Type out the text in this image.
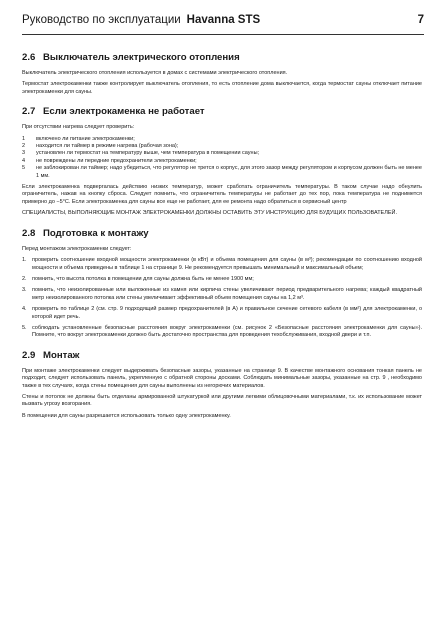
Руководство по эксплуатации Havanna STS	7
2.6 Выключатель электрического отопления

Выключатель электрического отопления используется в домах с системами электрического отопления.

Термостат электрокаменки также контролирует выключатель отопления, то есть отопление дома выключается, когда термостат сауны отключает питание электрокаменки для сауны.

2.7 Если электрокаменка не работает

При отсутствии нагрева следует проверить:

1	включено ли питание электрокаменки;
2	находится ли таймер в режиме нагрева (рабочая зона);
3	установлен ли термостат на температуру выше, чем температура в помещении сауны;
4	не повреждены ли передние предохранители электрокаменки;
5	не заблокирован ли таймер; надо убедиться, что регулятор не трется о корпус, для этого зазор между регулятором и корпусом должен быть не менее 1 мм.

Если электрокаменка подвергалась действию низких температур, может сработать ограничитель температуры. В таком случае надо обнулить ограничитель, нажав на кнопку сброса. Следует помнить, что ограничитель температуры не работает до тех пор, пока температура не поднимется примерно до −5°С. Если электрокаменка для сауны все еще не работает, для ее ремонта надо обратиться в сервисный центр

СПЕЦИАЛИСТЫ, ВЫПОЛНЯЮЩИЕ МОНТАЖ ЭЛЕКТРОКАМЕНКИ ДОЛЖНЫ ОСТАВИТЬ ЭТУ ИНСТРУКЦИЮ ДЛЯ БУДУЩИХ ПОЛЬЗОВАТЕЛЕЙ.

2.8 Подготовка к монтажу

Перед монтажом электрокаменки следует:

1. проверить соотношение входной мощности электрокаменки (в кВт) и объема помещения для сауны (в м³); рекомендации по соотношению входной мощности и объема приведены в таблице 1 на странице 9. Не рекомендуется превышать минимальный и максимальный объем;
2. помнить, что высота потолка в помещении для сауны должна быть не менее 1900 мм;
3. помнить, что неизолированные или выложенные из камня или кирпича стены увеличивают период предварительного нагрева; каждый квадратный метр неизолированного потолка или стены увеличивает эффективный объем помещения сауны на 1,2 м³.
4. проверить по таблице 2 (см. стр. 9 подходящий размер предохранителей (в А) и правильное сечение сетевого кабеля (в мм²) для электрокаменки, о которой идет речь.
5. соблюдать установленные безопасные расстояния вокруг электрокаменки (см. рисунок 2 «Безопасные расстояния электрокаменки для сауны»). Помните, что вокруг электрокаменки должно быть достаточно пространства для проведения техобслуживания, входной двери и т.п.
2.9 Монтаж

При монтаже электрокаменки следует выдерживать безопасные зазоры, указанные на странице 9. В качестве монтажного основания тонкая панель не подходит, следует использовать панель, укрепленную с обратной стороны досками. Соблюдать минимальные зазоры, указанные на стр. 9 , необходимо также в тех случаях, когда стены помещения для сауны выполнены из негорючих материалов.

Стены и потолок не должны быть отделаны армированной штукатуркой или другими легкими облицовочными материалами, т.к. их использование может вызвать угрозу возгорания.

В помещении для сауны разрешается использовать только одну электрокаменку.
